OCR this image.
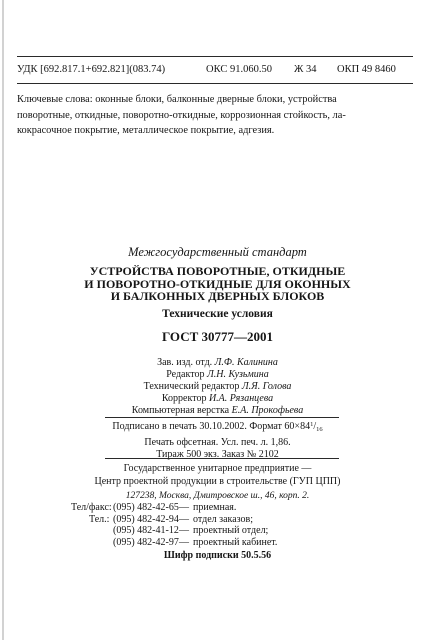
УДК [692.817.1+692.821](083.74)	ОКС 91.060.50 Ж 34 ОКП 49 8460

Ключевые слова: оконные блоки, балконные дверные блоки, устройства

поворотные, откидные, поворотно-откидные, коррозионная стойкость, ла-

кокрасочное покрытие, металлическое покрытие, адгезия.

Межгосударственный стандарт
УСТРОЙСТВА ПОВОРОТНЫЕ, ОТКИДНЫЕ
И ПОВОРОТНО-ОТКИДНЫЕ ДЛЯ ОКОННЫХ
И БАЛКОННЫХ ДВЕРНЫХ БЛОКОВ
Технические условия
ГОСТ 30777—2001
Зав. изд. отд. Л.Ф. Калинина
Редактор Л.Н. Кузьмина
Технический редактор Л.Я. Голова
Корректор И.А. Рязанцева
Компьютерная верстка Е.А. Прокофьева
Подписано в печать 30.10.2002. Формат $60\times 84^1/_{16}$
Печать офсетная. Усл. печ. л. 1,86.
Тираж 500 экз. Заказ № 2102
Государственное унитарное предприятие —
Центр проектной продукции в строительстве (ГУП ЦПП)
127238, Москва, Дмитровское ш., 46, корп. 2.
Тел/факс: (095) 482-42-65 — приемная.
Тел.: (095) 482-42-94 — отдел заказов;
(095) 482-41-12 — проектный отдел;
(095) 482-42-97 — проектный кабинет.
Шифр подписки 50.5.56
